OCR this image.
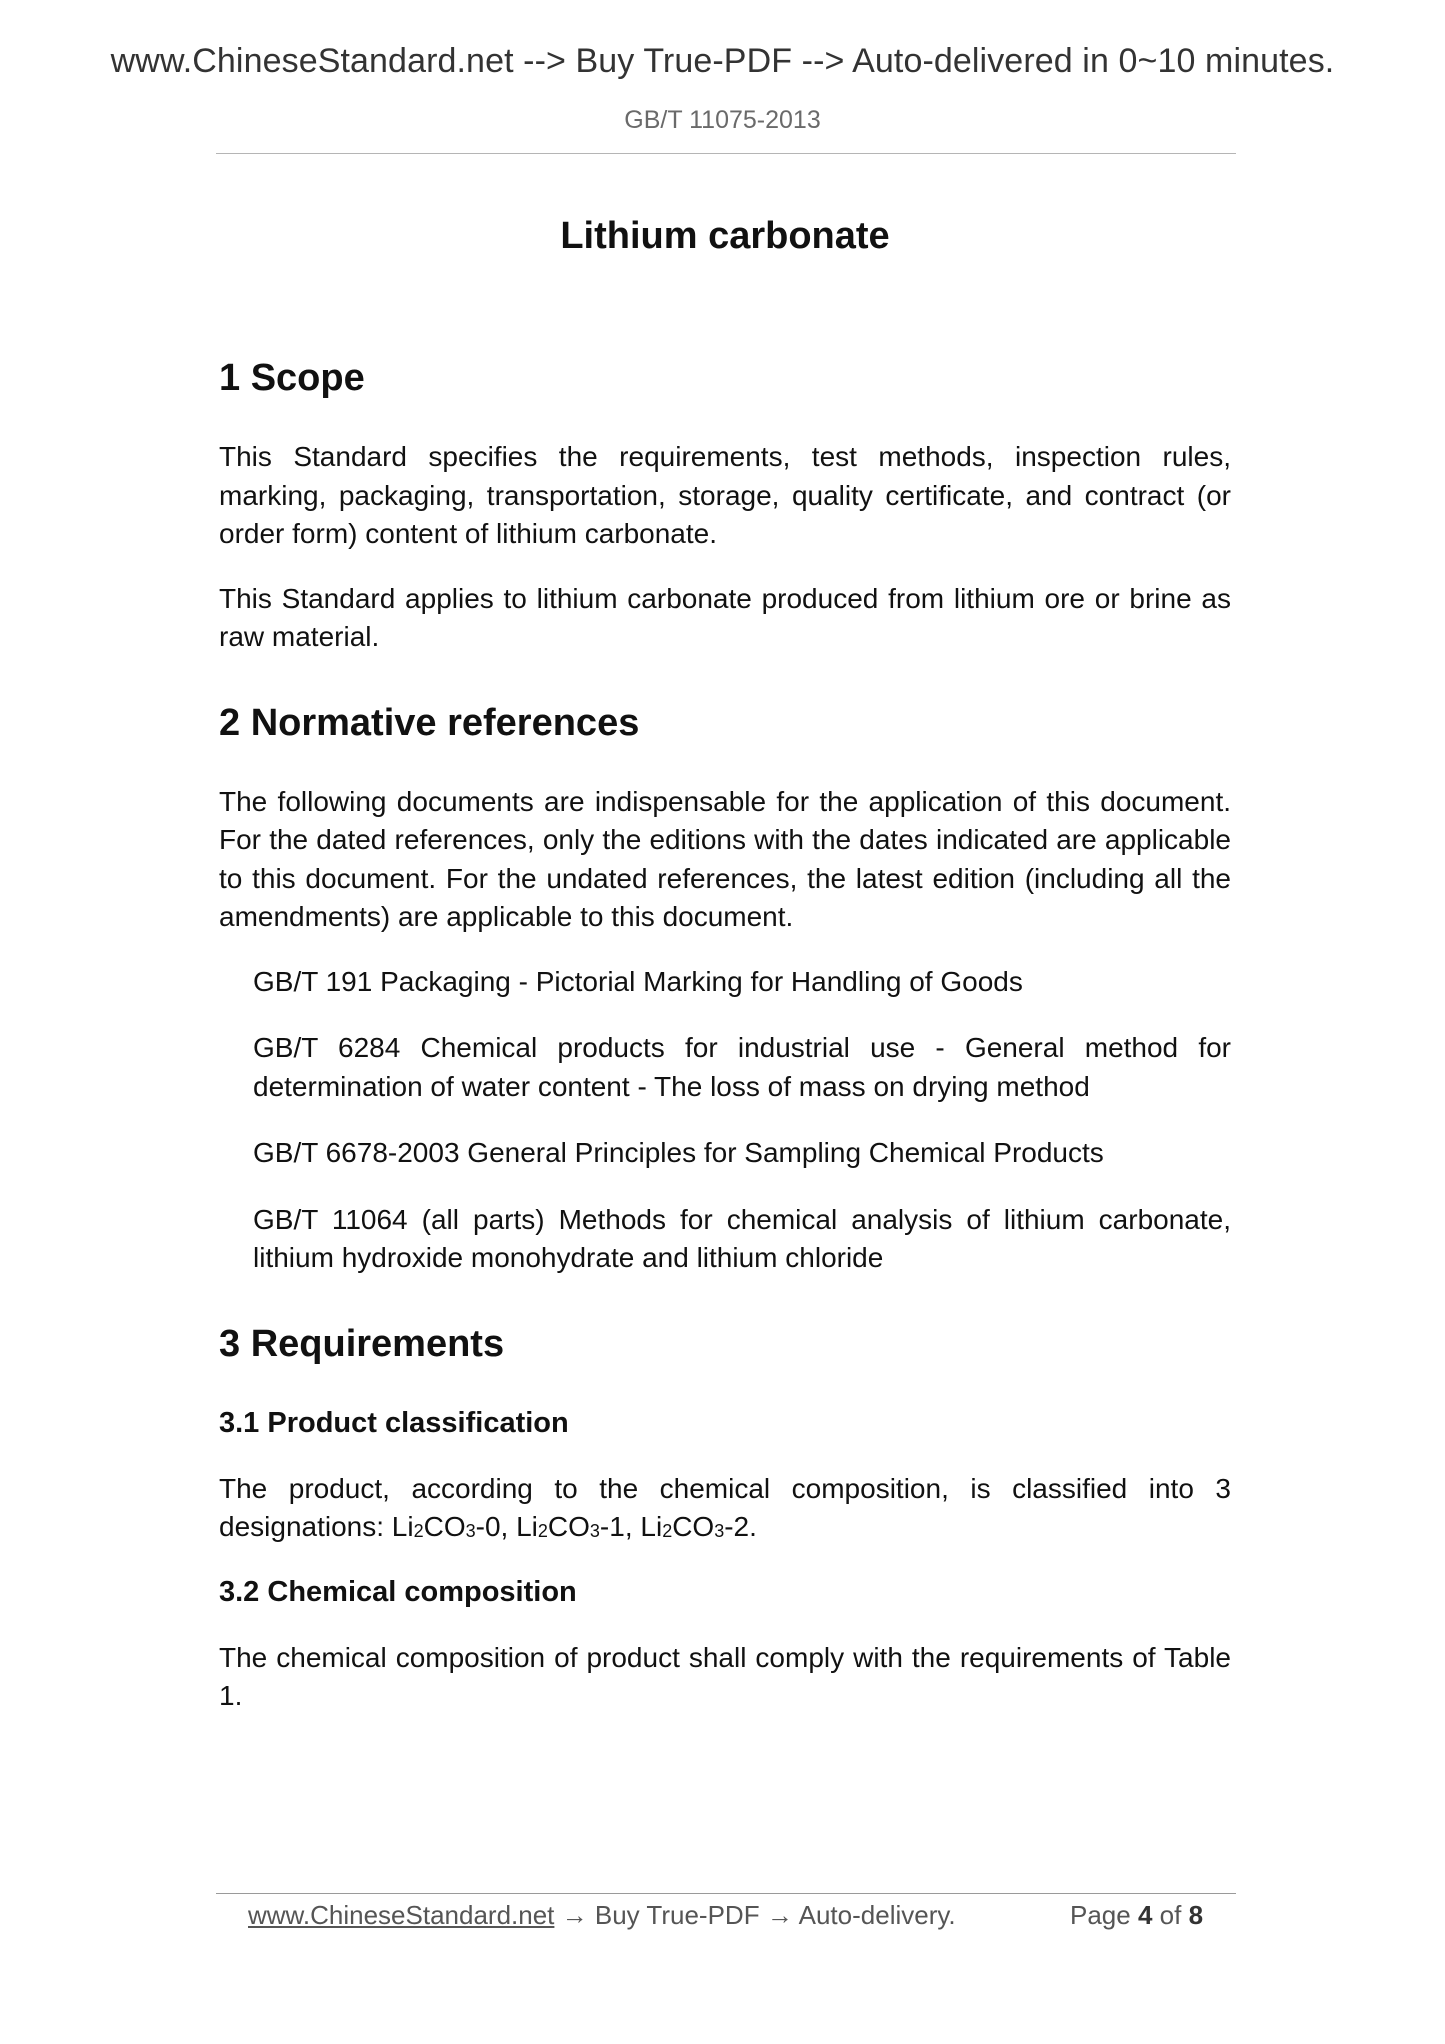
www.ChineseStandard.net --> Buy True-PDF --> Auto-delivered in 0~10 minutes.
GB/T 11075-2013
Lithium carbonate
1 Scope

This Standard specifies the requirements, test methods, inspection rules, marking, packaging, transportation, storage, quality certificate, and contract (or order form) content of lithium carbonate.

This Standard applies to lithium carbonate produced from lithium ore or brine as raw material.

2 Normative references

The following documents are indispensable for the application of this document. For the dated references, only the editions with the dates indicated are applicable to this document. For the undated references, the latest edition (including all the amendments) are applicable to this document.

GB/T 191 Packaging - Pictorial Marking for Handling of Goods

GB/T 6284 Chemical products for industrial use - General method for determination of water content - The loss of mass on drying method

GB/T 6678-2003 General Principles for Sampling Chemical Products

GB/T 11064 (all parts) Methods for chemical analysis of lithium carbonate, lithium hydroxide monohydrate and lithium chloride

3 Requirements
3.1 Product classification

The product, according to the chemical composition, is classified into 3 designations: $Li_2CO_3-0$, $Li_2CO_3-1$, $Li_2CO_3-2$.

3.2 Chemical composition

The chemical composition of product shall comply with the requirements of Table 1.

www.ChineseStandard.net → Buy True-PDF → Auto-delivery.	Page 4 of 8
